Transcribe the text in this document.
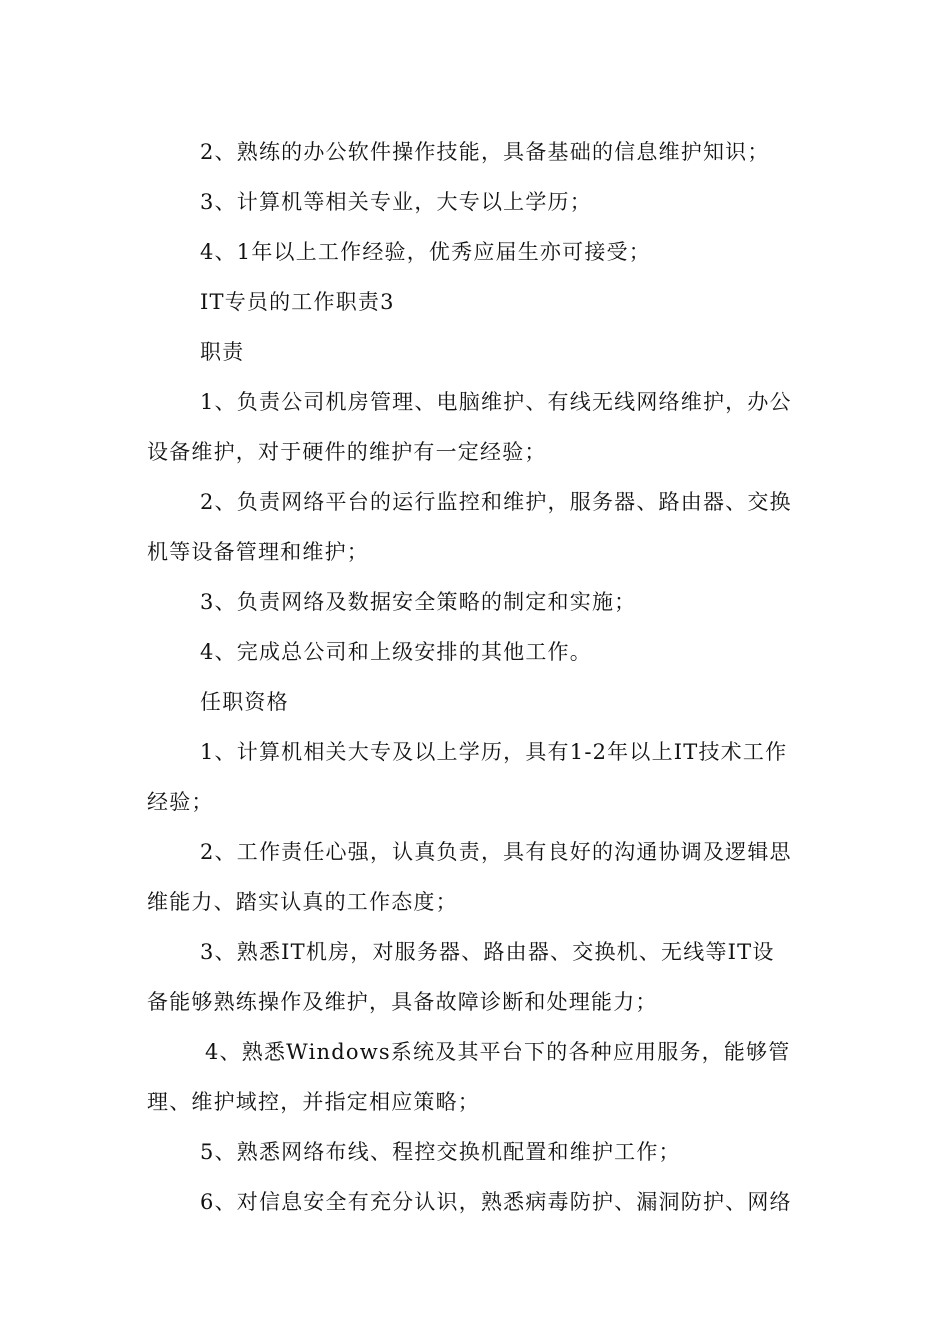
2、熟练的办公软件操作技能，具备基础的信息维护知识；
3、计算机等相关专业，大专以上学历；
4、1年以上工作经验，优秀应届生亦可接受；
IT专员的工作职责3
职责
1、负责公司机房管理、电脑维护、有线无线网络维护，办公
设备维护，对于硬件的维护有一定经验；
2、负责网络平台的运行监控和维护，服务器、路由器、交换
机等设备管理和维护；
3、负责网络及数据安全策略的制定和实施；
4、完成总公司和上级安排的其他工作。
任职资格
1、计算机相关大专及以上学历，具有1-2年以上IT技术工作
经验；
2、工作责任心强，认真负责，具有良好的沟通协调及逻辑思
维能力、踏实认真的工作态度；
3、熟悉IT机房，对服务器、路由器、交换机、无线等IT设
备能够熟练操作及维护，具备故障诊断和处理能力；
4、熟悉Windows系统及其平台下的各种应用服务，能够管
理、维护域控，并指定相应策略；
5、熟悉网络布线、程控交换机配置和维护工作；
6、对信息安全有充分认识，熟悉病毒防护、漏洞防护、网络
